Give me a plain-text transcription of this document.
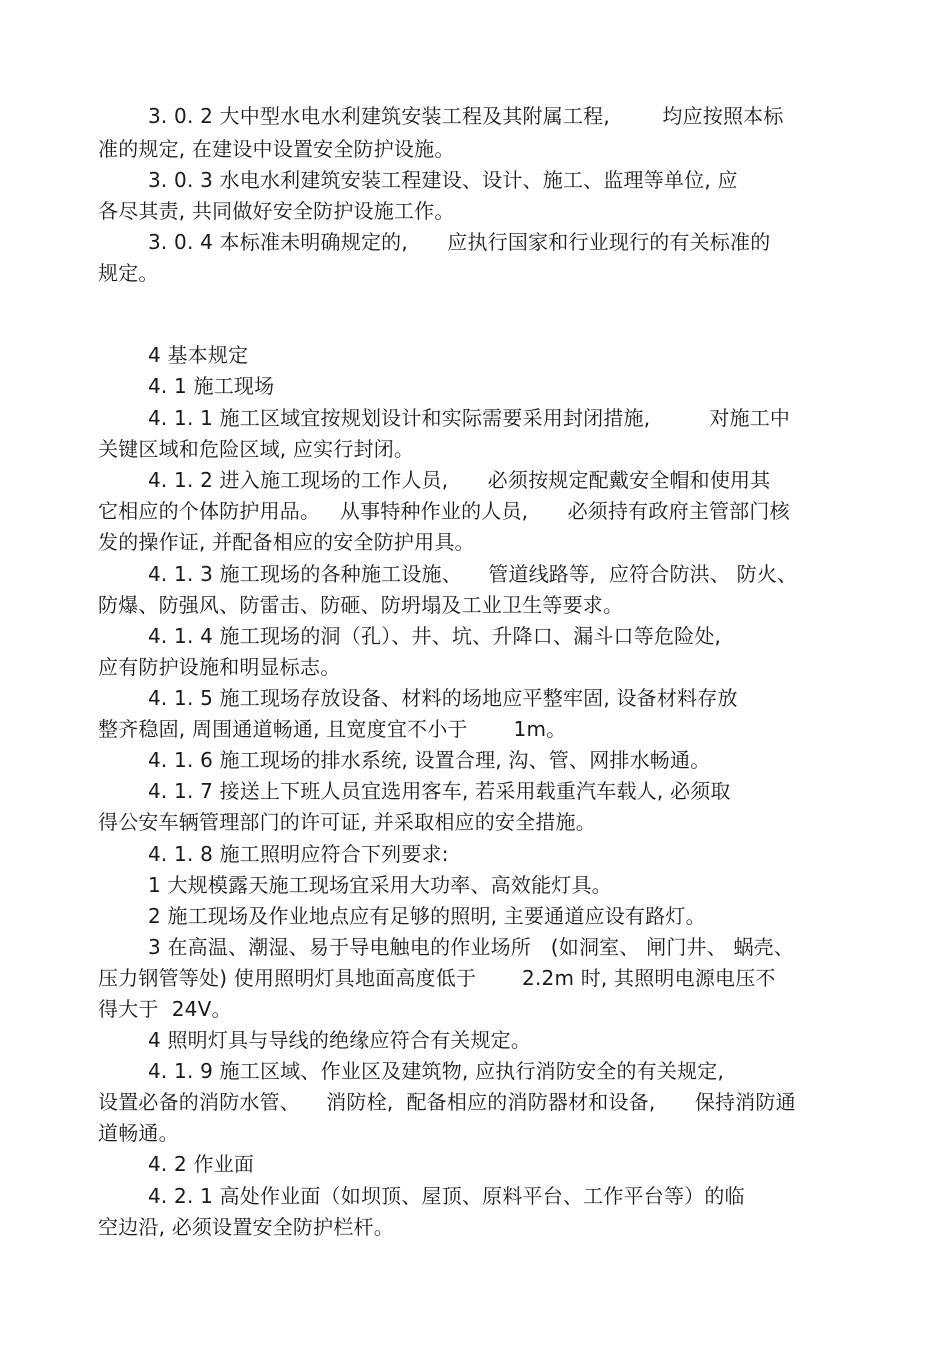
3. 0. 2 大中型水电水利建筑安装工程及其附属工程,        均应按照本标
准的规定, 在建设中设置安全防护设施。
3. 0. 3 水电水利建筑安装工程建设、设计、施工、监理等单位, 应
各尽其责, 共同做好安全防护设施工作。
3. 0. 4 本标准未明确规定的,      应执行国家和行业现行的有关标准的
规定。
4 基本规定
4. 1 施工现场
4. 1. 1 施工区域宜按规划设计和实际需要采用封闭措施,         对施工中
关键区域和危险区域, 应实行封闭。
4. 1. 2 进入施工现场的工作人员,      必须按规定配戴安全帽和使用其
它相应的个体防护用品。   从事特种作业的人员,      必须持有政府主管部门核
发的操作证, 并配备相应的安全防护用具。
4. 1. 3 施工现场的各种施工设施、    管道线路等,  应符合防洪、 防火、
防爆、防强风、防雷击、防砸、防坍塌及工业卫生等要求。
4. 1. 4 施工现场的洞（孔）、井、坑、升降口、漏斗口等危险处,
应有防护设施和明显标志。
4. 1. 5 施工现场存放设备、材料的场地应平整牢固, 设备材料存放
整齐稳固, 周围通道畅通, 且宽度宜不小于       1m。
4. 1. 6 施工现场的排水系统, 设置合理, 沟、管、网排水畅通。
4. 1. 7 接送上下班人员宜选用客车, 若采用载重汽车载人, 必须取
得公安车辆管理部门的许可证, 并采取相应的安全措施。
4. 1. 8 施工照明应符合下列要求:
1 大规模露天施工现场宜采用大功率、高效能灯具。
2 施工现场及作业地点应有足够的照明, 主要通道应设有路灯。
3 在高温、潮湿、易于导电触电的作业场所   (如洞室、 闸门井、 蜗壳、
压力钢管等处) 使用照明灯具地面高度低于       2.2m 时, 其照明电源电压不
得大于  24V。
4 照明灯具与导线的绝缘应符合有关规定。
4. 1. 9 施工区域、作业区及建筑物, 应执行消防安全的有关规定,
设置必备的消防水管、    消防栓,  配备相应的消防器材和设备,      保持消防通
道畅通。
4. 2 作业面
4. 2. 1 高处作业面（如坝顶、屋顶、原料平台、工作平台等）的临
空边沿, 必须设置安全防护栏杆。
